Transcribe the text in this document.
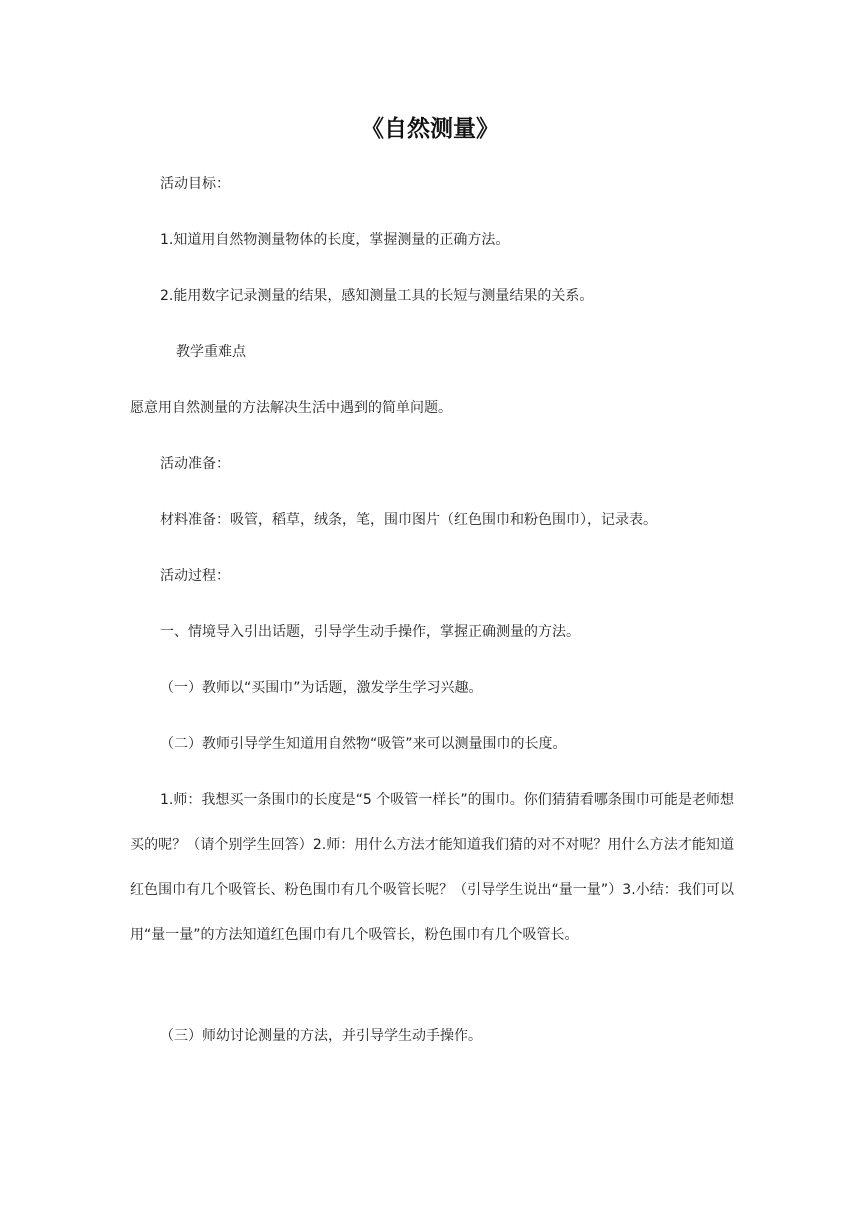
《自然测量》
活动目标：
1.知道用自然物测量物体的长度，掌握测量的正确方法。
2.能用数字记录测量的结果，感知测量工具的长短与测量结果的关系。
教学重难点
愿意用自然测量的方法解决生活中遇到的简单问题。
活动准备：
材料准备：吸管，稻草，绒条，笔，围巾图片（红色围巾和粉色围巾），记录表。
活动过程：
一、情境导入引出话题，引导学生动手操作，掌握正确测量的方法。
（一）教师以“买围巾”为话题，激发学生学习兴趣。
（二）教师引导学生知道用自然物“吸管”来可以测量围巾的长度。
1.师：我想买一条围巾的长度是“5 个吸管一样长”的围巾。你们猜猜看哪条围巾可能是老师想买的呢？（请个别学生回答）2.师：用什么方法才能知道我们猜的对不对呢？用什么方法才能知道红色围巾有几个吸管长、粉色围巾有几个吸管长呢？（引导学生说出“量一量”）3.小结：我们可以用“量一量”的方法知道红色围巾有几个吸管长，粉色围巾有几个吸管长。
（三）师幼讨论测量的方法，并引导学生动手操作。
